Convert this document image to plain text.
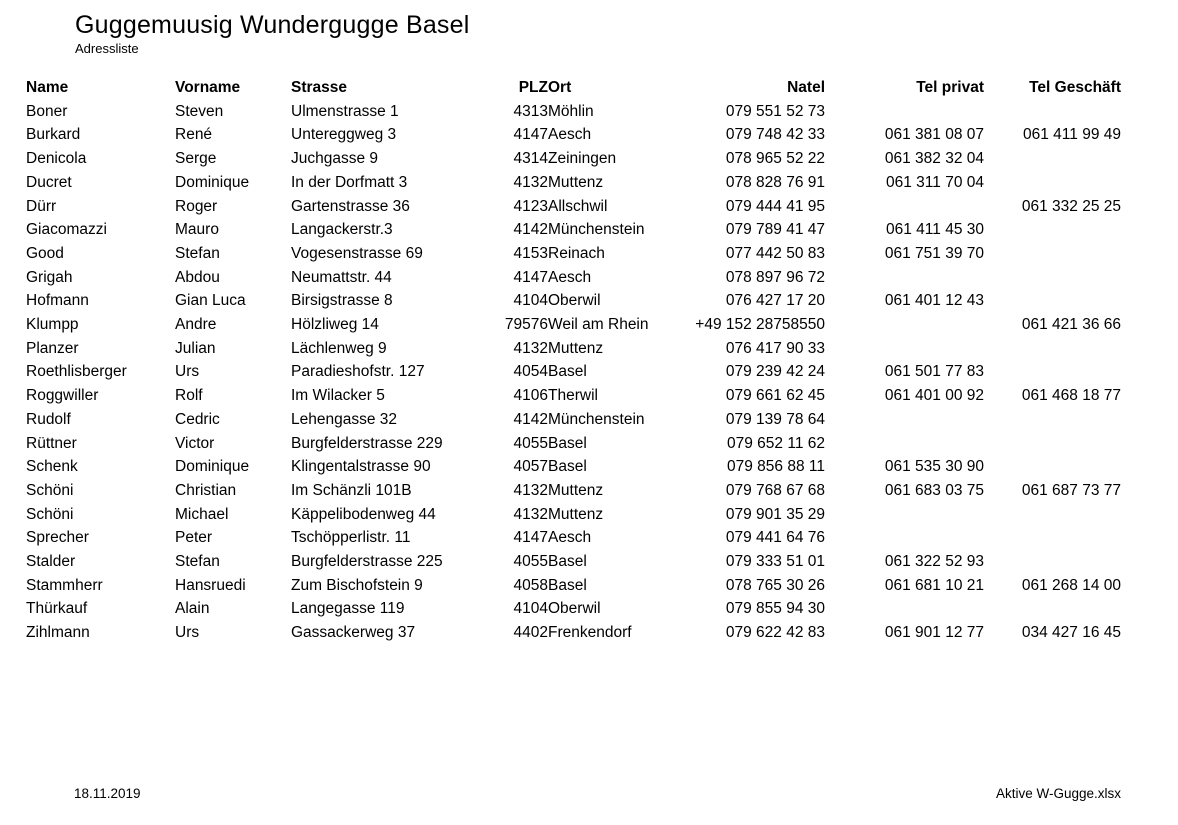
Guggemuusig Wundergugge Basel
Adressliste
Name	Vorname	Strasse	PLZ	Ort	Natel	Tel privat	Tel Geschäft
Boner	Steven	Ulmenstrasse 1	4313	Möhlin	079 551 52 73		
Burkard	René	Untereggweg 3	4147	Aesch	079 748 42 33	061 381 08 07	061 411 99 49
Denicola	Serge	Juchgasse 9	4314	Zeiningen	078 965 52 22	061 382 32 04	
Ducret	Dominique	In der Dorfmatt 3	4132	Muttenz	078 828 76 91	061 311 70 04	
Dürr	Roger	Gartenstrasse 36	4123	Allschwil	079 444 41 95		061 332 25 25
Giacomazzi	Mauro	Langackerstr.3	4142	Münchenstein	079 789 41 47	061 411 45 30	
Good	Stefan	Vogesenstrasse 69	4153	Reinach	077 442 50 83	061 751 39 70	
Grigah	Abdou	Neumattstr. 44	4147	Aesch	078 897 96 72		
Hofmann	Gian Luca	Birsigstrasse 8	4104	Oberwil	076 427 17 20	061 401 12 43	
Klumpp	Andre	Hölzliweg 14	79576	Weil am Rhein	+49 152 28758550		061 421 36 66
Planzer	Julian	Lächlenweg 9	4132	Muttenz	076 417 90 33		
Roethlisberger	Urs	Paradieshofstr. 127	4054	Basel	079 239 42 24	061 501 77 83	
Roggwiller	Rolf	Im Wilacker 5	4106	Therwil	079 661 62 45	061 401 00 92	061 468 18 77
Rudolf	Cedric	Lehengasse 32	4142	Münchenstein	079 139 78 64		
Rüttner	Victor	Burgfelderstrasse 229	4055	Basel	079 652 11 62		
Schenk	Dominique	Klingentalstrasse 90	4057	Basel	079 856 88 11	061 535 30 90	
Schöni	Christian	Im Schänzli 101B	4132	Muttenz	079 768 67 68	061 683 03 75	061 687 73 77
Schöni	Michael	Käppelibodenweg 44	4132	Muttenz	079 901 35 29		
Sprecher	Peter	Tschöpperlistr. 11	4147	Aesch	079 441 64 76		
Stalder	Stefan	Burgfelderstrasse 225	4055	Basel	079 333 51 01	061 322 52 93	
Stammherr	Hansruedi	Zum Bischofstein 9	4058	Basel	078 765 30 26	061 681 10 21	061 268 14 00
Thürkauf	Alain	Langegasse 119	4104	Oberwil	079 855 94 30		
Zihlmann	Urs	Gassackerweg 37	4402	Frenkendorf	079 622 42 83	061 901 12 77	034 427 16 45
18.11.2019	Aktive W-Gugge.xlsx
